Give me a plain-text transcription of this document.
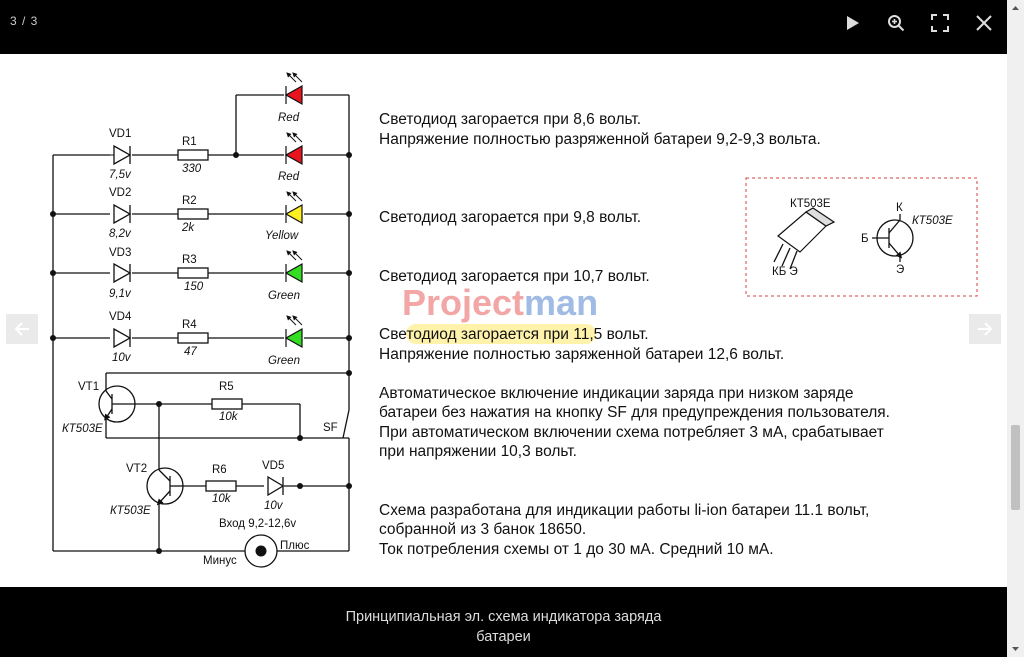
3 / 3
Projectman
VD1
7,5v
R1
330
Red
Red
VD2
8,2v
R2
2k
Yellow
VD3
9,1v
R3
150
Green
VD4
10v
R4
47
Green
VT1
КТ503Е
R5
10k
SF
VT2
КТ503Е
R6
10k
VD5
10v
Вход 9,2-12,6v
Минус
Плюс
КТ503Е
КБ Э
К
Б
Э
КТ503Е
Светодиод загорается при 8,6 вольт.
Напряжение полностью разряженной батареи 9,2-9,3 вольта.
Светодиод загорается при 9,8 вольт.
Светодиод загорается при 10,7 вольт.
Светодиод загорается при 11,5 вольт.
Напряжение полностью заряженной батареи 12,6 вольт.
Автоматическое включение индикации заряда при низком заряде
батареи без нажатия на кнопку SF для предупреждения пользователя.
При автоматическом включении схема потребляет 3 мА, срабатывает
при напряжении 10,3 вольт.
Схема разработана для индикации работы li-ion батареи 11.1 вольт,
собранной из 3 банок 18650.
Ток потребления схемы от 1 до 30 мА. Средний 10 мА.
Принципиальная эл. схема индикатора заряда
батареи
